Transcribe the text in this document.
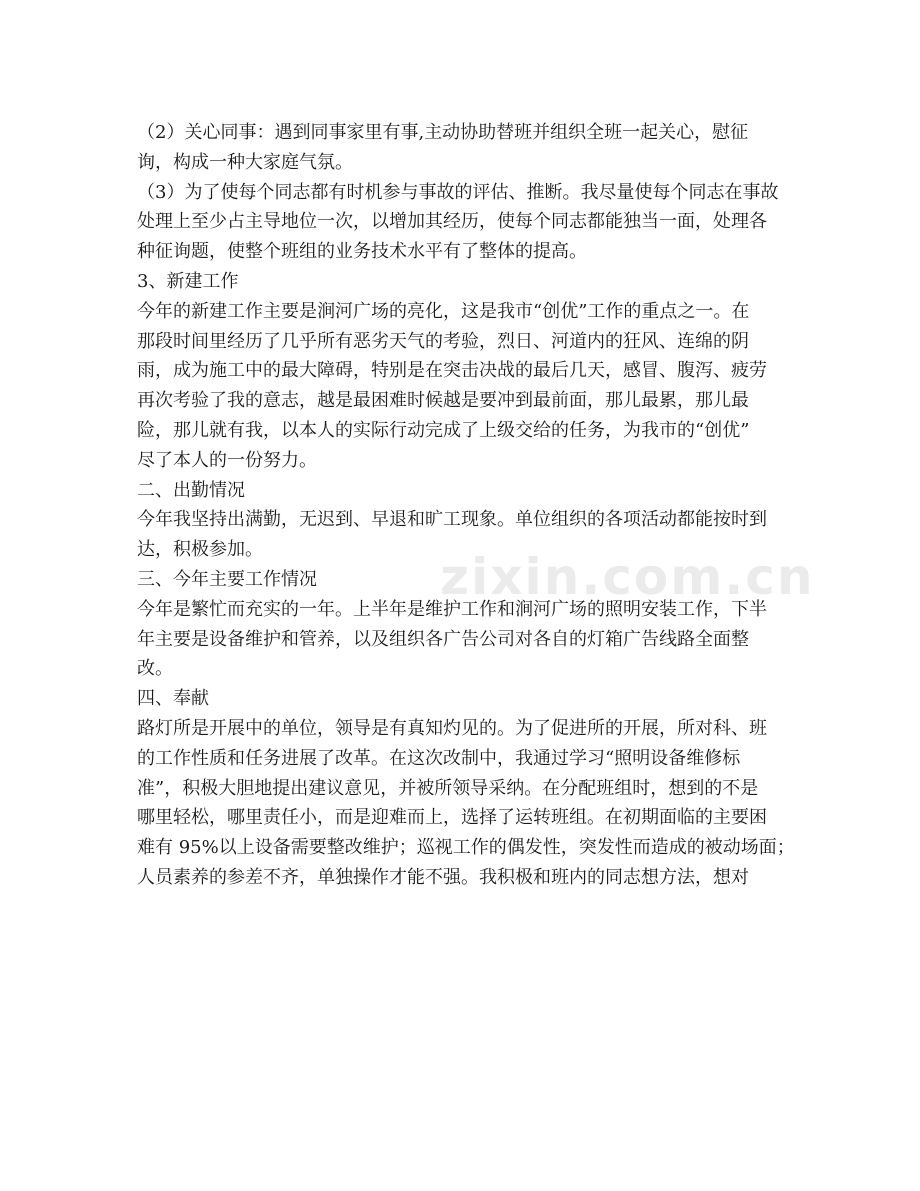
（2）关心同事：遇到同事家里有事,主动协助替班并组织全班一起关心，慰征
询，构成一种大家庭气氛。
（3）为了使每个同志都有时机参与事故的评估、推断。我尽量使每个同志在事故
处理上至少占主导地位一次，以增加其经历，使每个同志都能独当一面，处理各
种征询题，使整个班组的业务技术水平有了整体的提高。
3、新建工作
今年的新建工作主要是涧河广场的亮化，这是我市“创优”工作的重点之一。在
那段时间里经历了几乎所有恶劣天气的考验，烈日、河道内的狂风、连绵的阴
雨，成为施工中的最大障碍，特别是在突击决战的最后几天，感冒、腹泻、疲劳
再次考验了我的意志，越是最困难时候越是要冲到最前面，那儿最累，那儿最
险，那儿就有我，以本人的实际行动完成了上级交给的任务，为我市的“创优”
尽了本人的一份努力。
二、出勤情况
今年我坚持出满勤，无迟到、早退和旷工现象。单位组织的各项活动都能按时到
达，积极参加。
三、今年主要工作情况
今年是繁忙而充实的一年。上半年是维护工作和涧河广场的照明安装工作，下半
年主要是设备维护和管养，以及组织各广告公司对各自的灯箱广告线路全面整
改。
四、奉献
路灯所是开展中的单位，领导是有真知灼见的。为了促进所的开展，所对科、班
的工作性质和任务进展了改革。在这次改制中，我通过学习“照明设备维修标
准”，积极大胆地提出建议意见，并被所领导采纳。在分配班组时，想到的不是
哪里轻松，哪里责任小，而是迎难而上，选择了运转班组。在初期面临的主要困
难有 95%以上设备需要整改维护；巡视工作的偶发性，突发性而造成的被动场面；
人员素养的参差不齐，单独操作才能不强。我积极和班内的同志想方法，想对
zixin.com.cn
